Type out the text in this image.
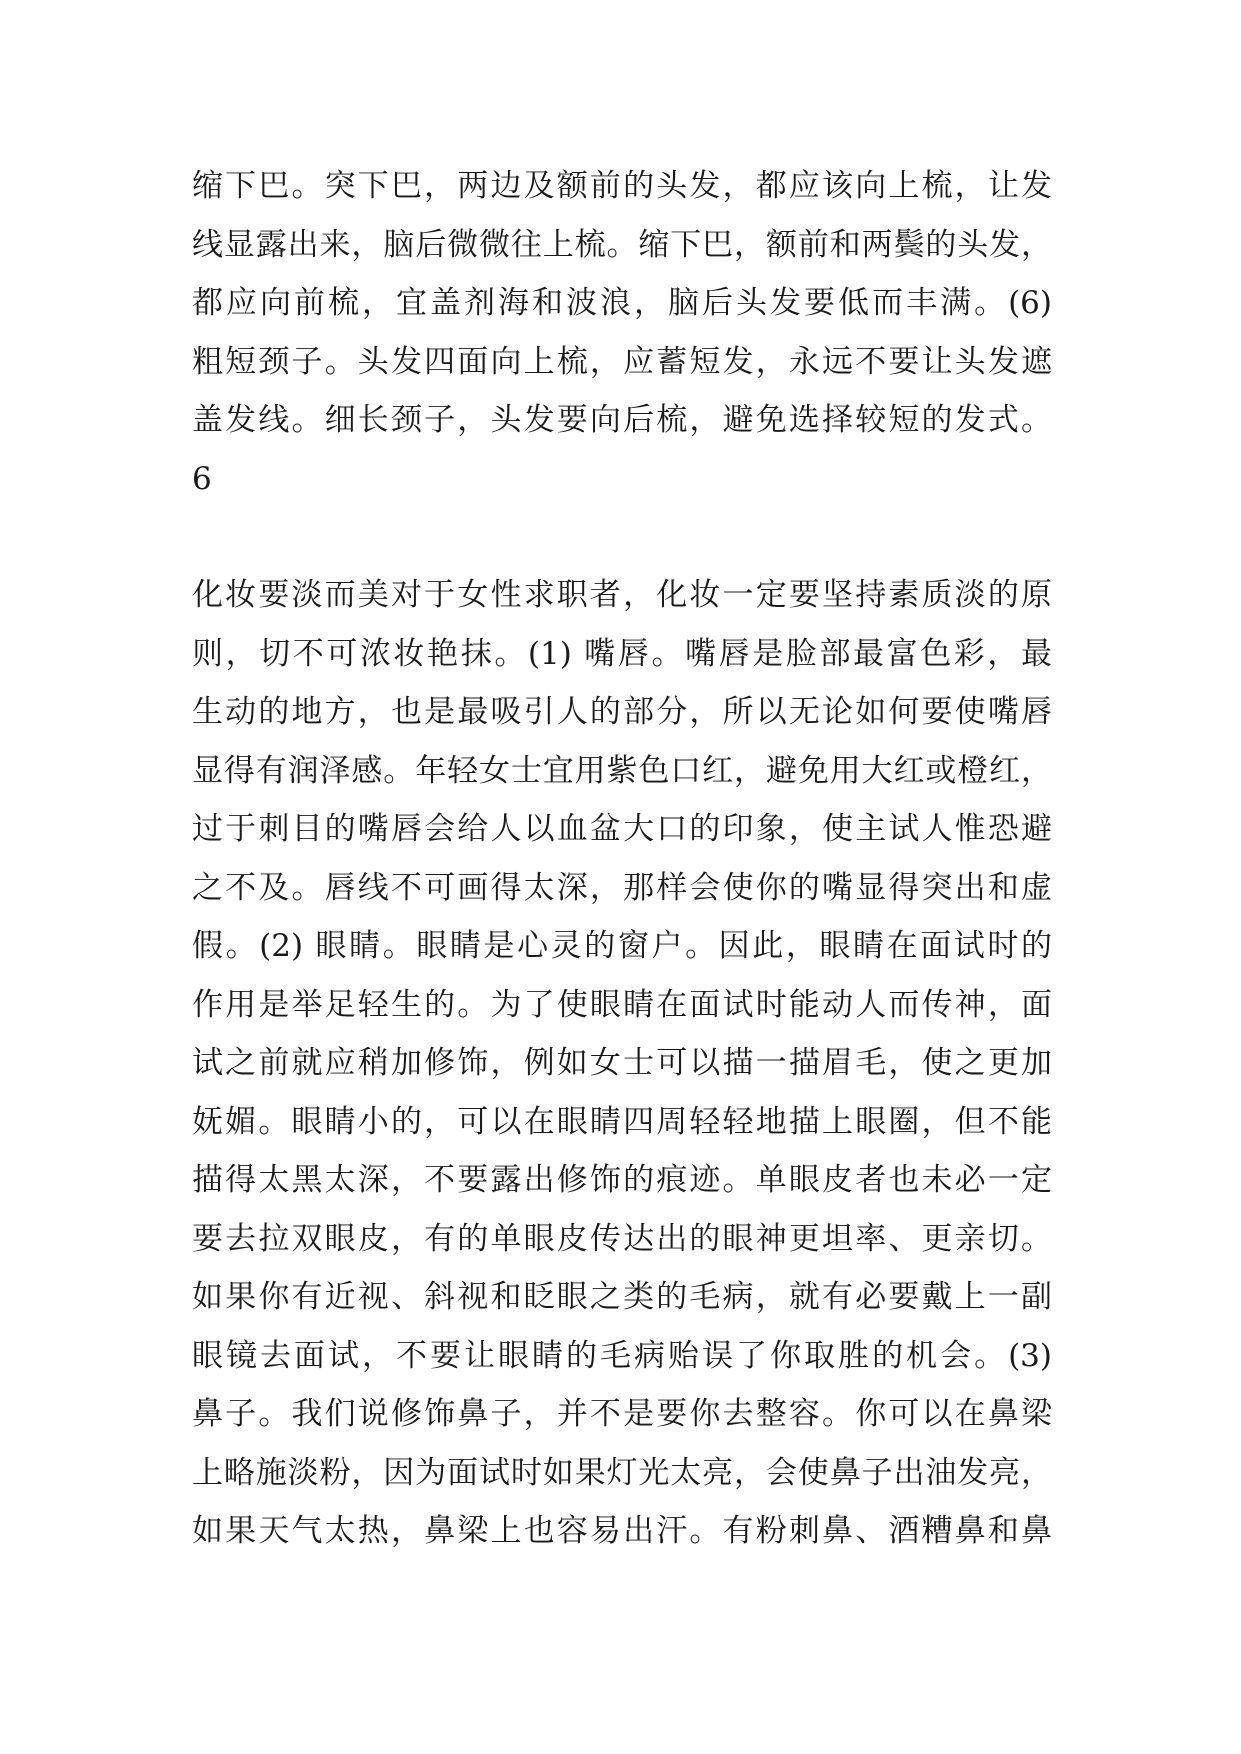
缩下巴。突下巴，两边及额前的头发，都应该向上梳，让发
线显露出来，脑后微微往上梳。缩下巴，额前和两鬓的头发，
都应向前梳，宜盖剂海和波浪，脑后头发要低而丰满。(6)
粗短颈子。头发四面向上梳，应蓄短发，永远不要让头发遮
盖发线。细长颈子，头发要向后梳，避免选择较短的发式。
6
化妆要淡而美对于女性求职者，化妆一定要坚持素质淡的原
则，切不可浓妆艳抹。(1) 嘴唇。嘴唇是脸部最富色彩，最
生动的地方，也是最吸引人的部分，所以无论如何要使嘴唇
显得有润泽感。年轻女士宜用紫色口红，避免用大红或橙红，
过于刺目的嘴唇会给人以血盆大口的印象，使主试人惟恐避
之不及。唇线不可画得太深，那样会使你的嘴显得突出和虚
假。(2) 眼睛。眼睛是心灵的窗户。因此，眼睛在面试时的
作用是举足轻生的。为了使眼睛在面试时能动人而传神，面
试之前就应稍加修饰，例如女士可以描一描眉毛，使之更加
妩媚。眼睛小的，可以在眼睛四周轻轻地描上眼圈，但不能
描得太黑太深，不要露出修饰的痕迹。单眼皮者也未必一定
要去拉双眼皮，有的单眼皮传达出的眼神更坦率、更亲切。
如果你有近视、斜视和眨眼之类的毛病，就有必要戴上一副
眼镜去面试，不要让眼睛的毛病贻误了你取胜的机会。(3)
鼻子。我们说修饰鼻子，并不是要你去整容。你可以在鼻梁
上略施淡粉，因为面试时如果灯光太亮，会使鼻子出油发亮，
如果天气太热，鼻梁上也容易出汗。有粉刺鼻、酒糟鼻和鼻
